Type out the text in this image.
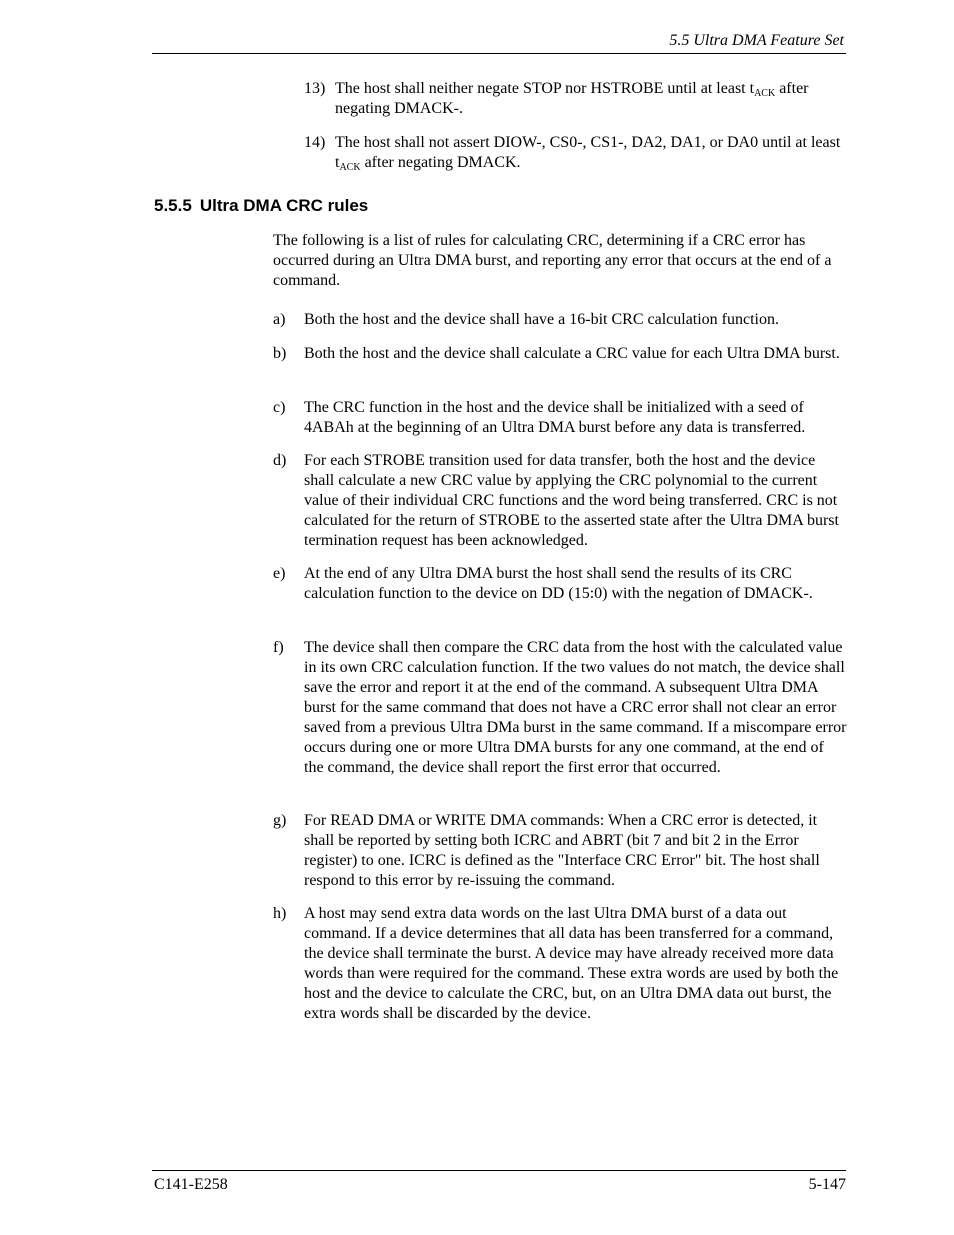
5.5 Ultra DMA Feature Set
13) The host shall neither negate STOP nor HSTROBE until at least $t_{ACK}$ after negating DMACK-.
14) The host shall not assert DIOW-, CS0-, CS1-, DA2, DA1, or DA0 until at least $t_{ACK}$ after negating DMACK.
5.5.5 Ultra DMA CRC rules
The following is a list of rules for calculating CRC, determining if a CRC error has occurred during an Ultra DMA burst, and reporting any error that occurs at the end of a command.
a) Both the host and the device shall have a 16-bit CRC calculation function.
b) Both the host and the device shall calculate a CRC value for each Ultra DMA burst.
c) The CRC function in the host and the device shall be initialized with a seed of 4ABAh at the beginning of an Ultra DMA burst before any data is transferred.
d) For each STROBE transition used for data transfer, both the host and the device shall calculate a new CRC value by applying the CRC polynomial to the current value of their individual CRC functions and the word being transferred. CRC is not calculated for the return of STROBE to the asserted state after the Ultra DMA burst termination request has been acknowledged.
e) At the end of any Ultra DMA burst the host shall send the results of its CRC calculation function to the device on DD (15:0) with the negation of DMACK-.
f) The device shall then compare the CRC data from the host with the calculated value in its own CRC calculation function. If the two values do not match, the device shall save the error and report it at the end of the command. A subsequent Ultra DMA burst for the same command that does not have a CRC error shall not clear an error saved from a previous Ultra DMa burst in the same command. If a miscompare error occurs during one or more Ultra DMA bursts for any one command, at the end of the command, the device shall report the first error that occurred.
g) For READ DMA or WRITE DMA commands: When a CRC error is detected, it shall be reported by setting both ICRC and ABRT (bit 7 and bit 2 in the Error register) to one. ICRC is defined as the "Interface CRC Error" bit. The host shall respond to this error by re-issuing the command.
h) A host may send extra data words on the last Ultra DMA burst of a data out command. If a device determines that all data has been transferred for a command, the device shall terminate the burst. A device may have already received more data words than were required for the command. These extra words are used by both the host and the device to calculate the CRC, but, on an Ultra DMA data out burst, the extra words shall be discarded by the device.
C141-E258	5-147
